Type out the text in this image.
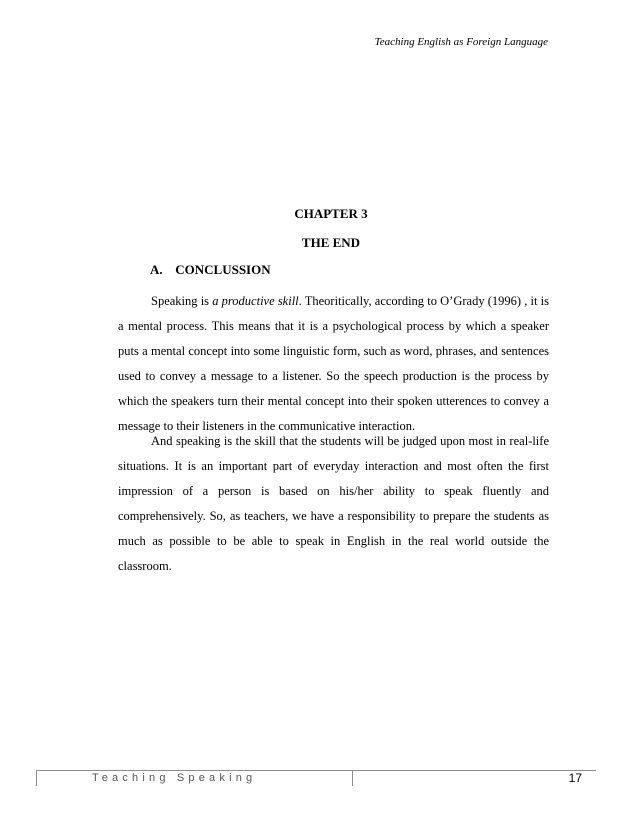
Teaching English as Foreign Language
CHAPTER 3
THE END
A. CONCLUSSION

Speaking is a productive skill. Theoritically, according to O’Grady (1996) , it is a mental process. This means that it is a psychological process by which a speaker puts a mental concept into some linguistic form, such as word, phrases, and sentences used to convey a message to a listener. So the speech production is the process by which the speakers turn their mental concept into their spoken utterences to convey a message to their listeners in the communicative interaction.

And speaking is the skill that the students will be judged upon most in real-life situations. It is an important part of everyday interaction and most often the first impression of a person is based on his/her ability to speak fluently and comprehensively. So, as teachers, we have a responsibility to prepare the students as much as possible to be able to speak in English in the real world outside the classroom.

Teaching Speaking	17
